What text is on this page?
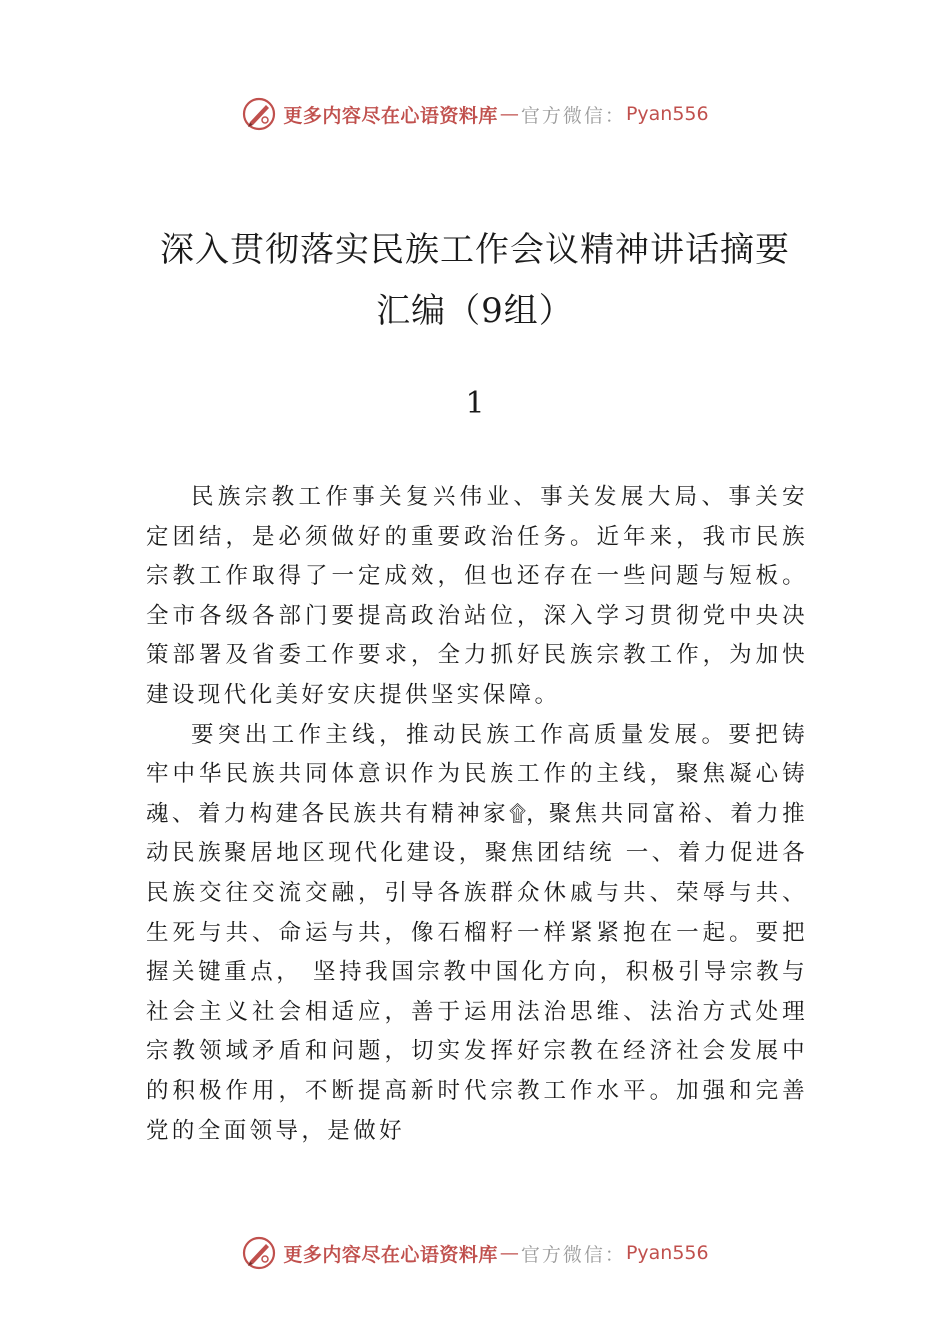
更多内容尽在心语资料库 — 官方微信： Pyan556
深入贯彻落实民族工作会议精神讲话摘要
汇编（9组）
1

民族宗教工作事关复兴伟业、事关发展大局、事关安定团结，是必须做好的重要政治任务。近年来，我市民族宗教工作取得了一定成效，但也还存在一些问题与短板。全市各级各部门要提高政治站位，深入学习贯彻党中央决策部署及省委工作要求，全力抓好民族宗教工作，为加快建设现代化美好安庆提供坚实保障。

要突出工作主线，推动民族工作高质量发展。要把铸牢中华民族共同体意识作为民族工作的主线，聚焦凝心铸魂、着力构建各民族共有精神家۩，聚焦共同富裕、着力推动民族聚居地区现代化建设，聚焦团结统 一、着力促进各民族交往交流交融，引导各族群众休戚与共、荣辱与共、生死与共、命运与共，像石榴籽一样紧紧抱在一起。要把握关键重点， 坚持我国宗教中国化方向，积极引导宗教与社会主义社会相适应，善于运用法治思维、法治方式处理宗教领域矛盾和问题，切实发挥好宗教在经济社会发展中的积极作用，不断提高新时代宗教工作水平。加强和完善党的全面领导，是做好

更多内容尽在心语资料库 — 官方微信： Pyan556
